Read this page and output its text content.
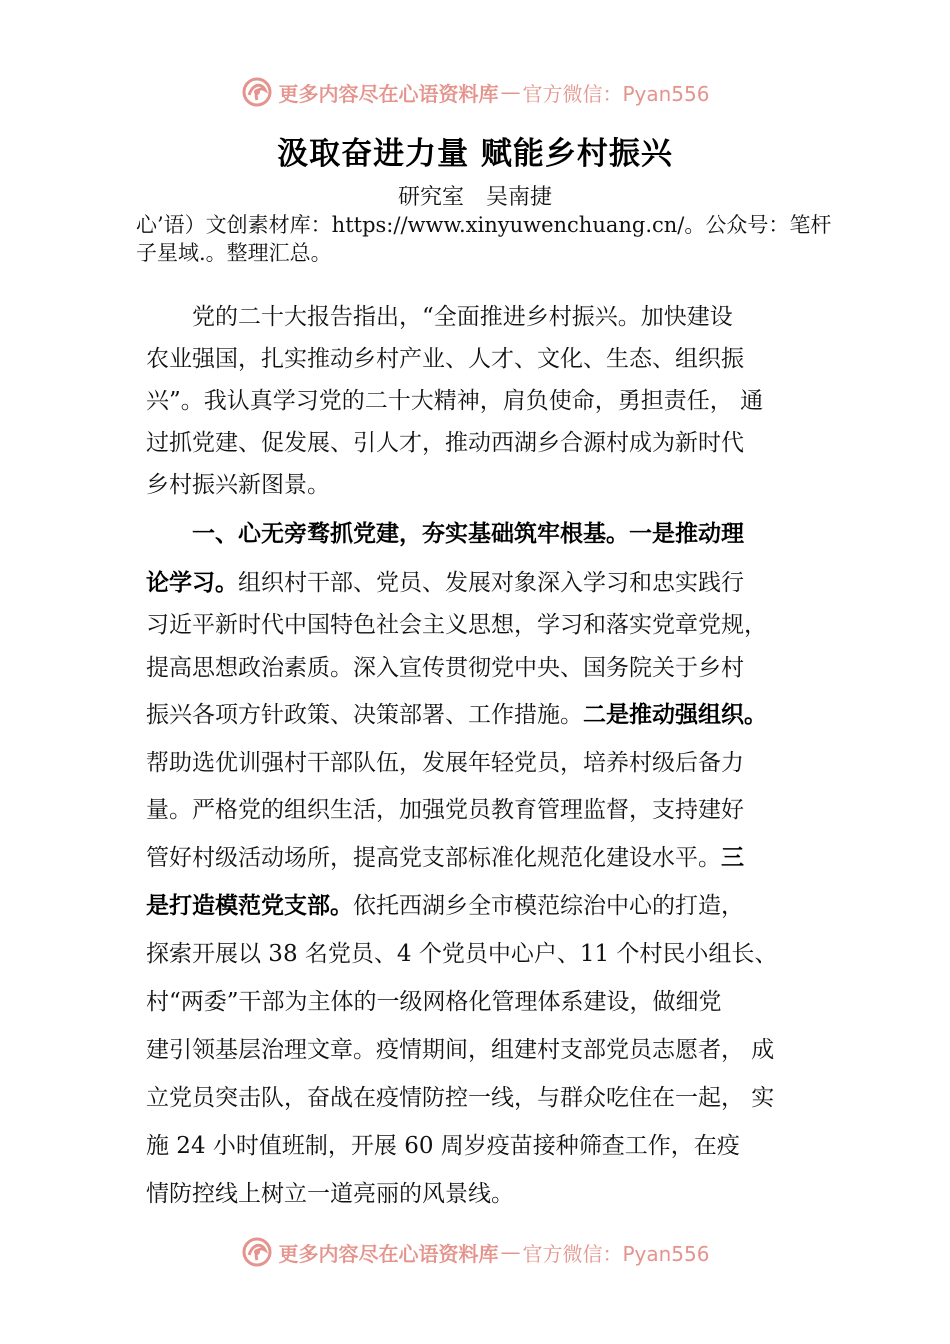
更多内容尽在心语资料库 — 官方微信：Pyan556
汲取奋进力量 赋能乡村振兴
研究室　吴南捷
心’语）文创素材库：https://www.xinyuwenchuang.cn/。公众号：笔杆子星域.。整理汇总。
党的二十大报告指出，“全面推进乡村振兴。加快建设
农业强国，扎实推动乡村产业、人才、文化、生态、组织振
兴”。我认真学习党的二十大精神，肩负使命，勇担责任， 通
过抓党建、促发展、引人才，推动西湖乡合源村成为新时代
乡村振兴新图景。
一、心无旁骛抓党建，夯实基础筑牢根基。一是推动理
论学习。组织村干部、党员、发展对象深入学习和忠实践行
习近平新时代中国特色社会主义思想，学习和落实党章党规，
提高思想政治素质。深入宣传贯彻党中央、国务院关于乡村
振兴各项方针政策、决策部署、工作措施。二是推动强组织。
帮助选优训强村干部队伍，发展年轻党员，培养村级后备力
量。严格党的组织生活，加强党员教育管理监督，支持建好
管好村级活动场所，提高党支部标准化规范化建设水平。三
是打造模范党支部。依托西湖乡全市模范综治中心的打造，
探索开展以 38 名党员、4 个党员中心户、11 个村民小组长、
村“两委”干部为主体的一级网格化管理体系建设，做细党
建引领基层治理文章。疫情期间，组建村支部党员志愿者， 成
立党员突击队，奋战在疫情防控一线，与群众吃住在一起， 实
施 24 小时值班制，开展 60 周岁疫苗接种筛查工作，在疫
情防控线上树立一道亮丽的风景线。
更多内容尽在心语资料库 — 官方微信：Pyan556
